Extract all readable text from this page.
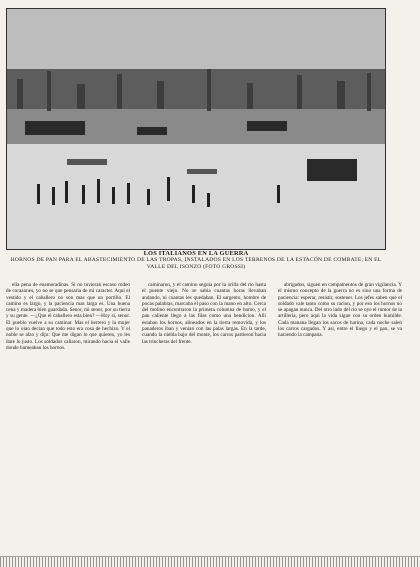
LOS ITALIANOS EN LA GUERRA
HORNOS DE PAN PARA EL ABASTECIMIENTO DE LAS TROPAS, INSTALADOS EN LOS TERRENOS DE LA ESTACÓN DE COMBATE, EN EL VALLE DEL ISONZO (FOTO GROSSI)

ella pena de enamoradinas. Si no tuvieran escaso rodeo de corazones, yo no se que pensaria de mi caracter. Aqui el vestido y el caballero no son mas que un portillo. El camino es largo, y la paciencia mas larga es. Una buena cena y madera bien guardada. Senor, mi senor, por su tierra y su gente. —¿Que el caballero esta bien? —Hoy si, senor. El pueblo vuelve a su caminar. Mas el herrero y la mujer que lo oian decian que todo esto era cosa de hechizo. Y el noble se alzo y dijo: Que me digan lo que quieren, yo les dare lo justo. Los soldados callaron, mirando hacia el valle donde humeaban los hornos.

caminaron, y el camino seguia por la orilla del rio hasta el puente viejo. No se sabia cuantas horas llevaban andando, ni cuantas les quedaban. El sargento, hombre de pocas palabras, marcaba el paso con la mano en alto. Cerca del molino encontraron la primera columna de humo, y el pan caliente llego a las filas como una bendicion. Alli estaban los hornos, alineados en la tierra removida, y los panaderos iban y venian con las palas largas. En la tarde, cuando la niebla bajo del monte, los carros partieron hacia las trincheras del frente.

abrigados, siguen en campamentos de gran vigilancia. Y el mismo concepto de la guerra no es sino una forma de paciencia: esperar, resistir, sostener. Los jefes saben que el soldado vale tanto como su racion, y por eso los hornos no se apagan nunca. Del otro lado del rio se oye el rumor de la artilleria, pero aqui la vida sigue con su orden humilde. Cada manana llegan los sacos de harina, cada noche salen los carros cargados. Y asi, entre el fuego y el pan, se va haciendo la campana.
